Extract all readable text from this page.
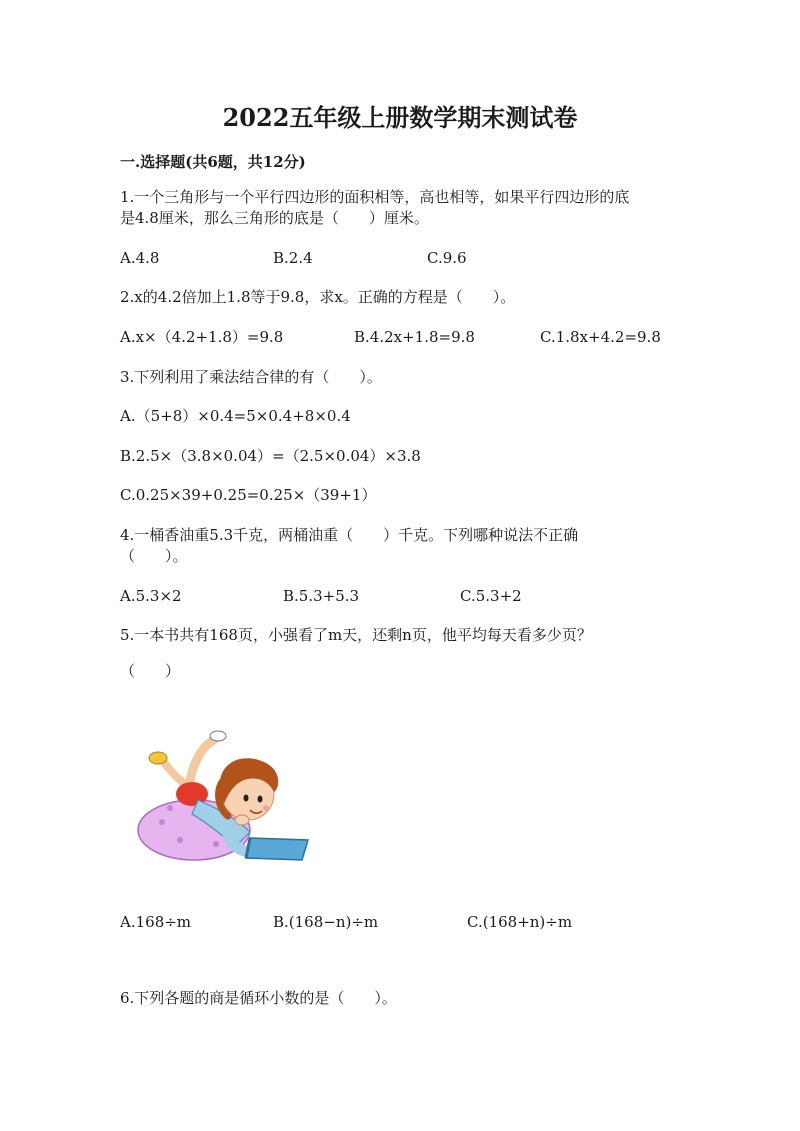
2022五年级上册数学期末测试卷
一.选择题(共6题，共12分)
1.一个三角形与一个平行四边形的面积相等，高也相等，如果平行四边形的底
是4.8厘米，那么三角形的底是（　　）厘米。
A.4.8	B.2.4	C.9.6
2.x的4.2倍加上1.8等于9.8，求x。正确的方程是（　　）。
A.x×（4.2+1.8）=9.8	B.4.2x+1.8=9.8	C.1.8x+4.2=9.8
3.下列利用了乘法结合律的有（　　）。
A.（5+8）×0.4=5×0.4+8×0.4
B.2.5×（3.8×0.04）=（2.5×0.04）×3.8
C.0.25×39+0.25=0.25×（39+1）
4.一桶香油重5.3千克，两桶油重（　　）千克。下列哪种说法不正确
（　　）。
A.5.3×2	B.5.3+5.3	C.5.3+2
5.一本书共有168页，小强看了m天，还剩n页，他平均每天看多少页？
（　　）
A.168÷m	B.(168−n)÷m	C.(168+n)÷m
6.下列各题的商是循环小数的是（　　）。
